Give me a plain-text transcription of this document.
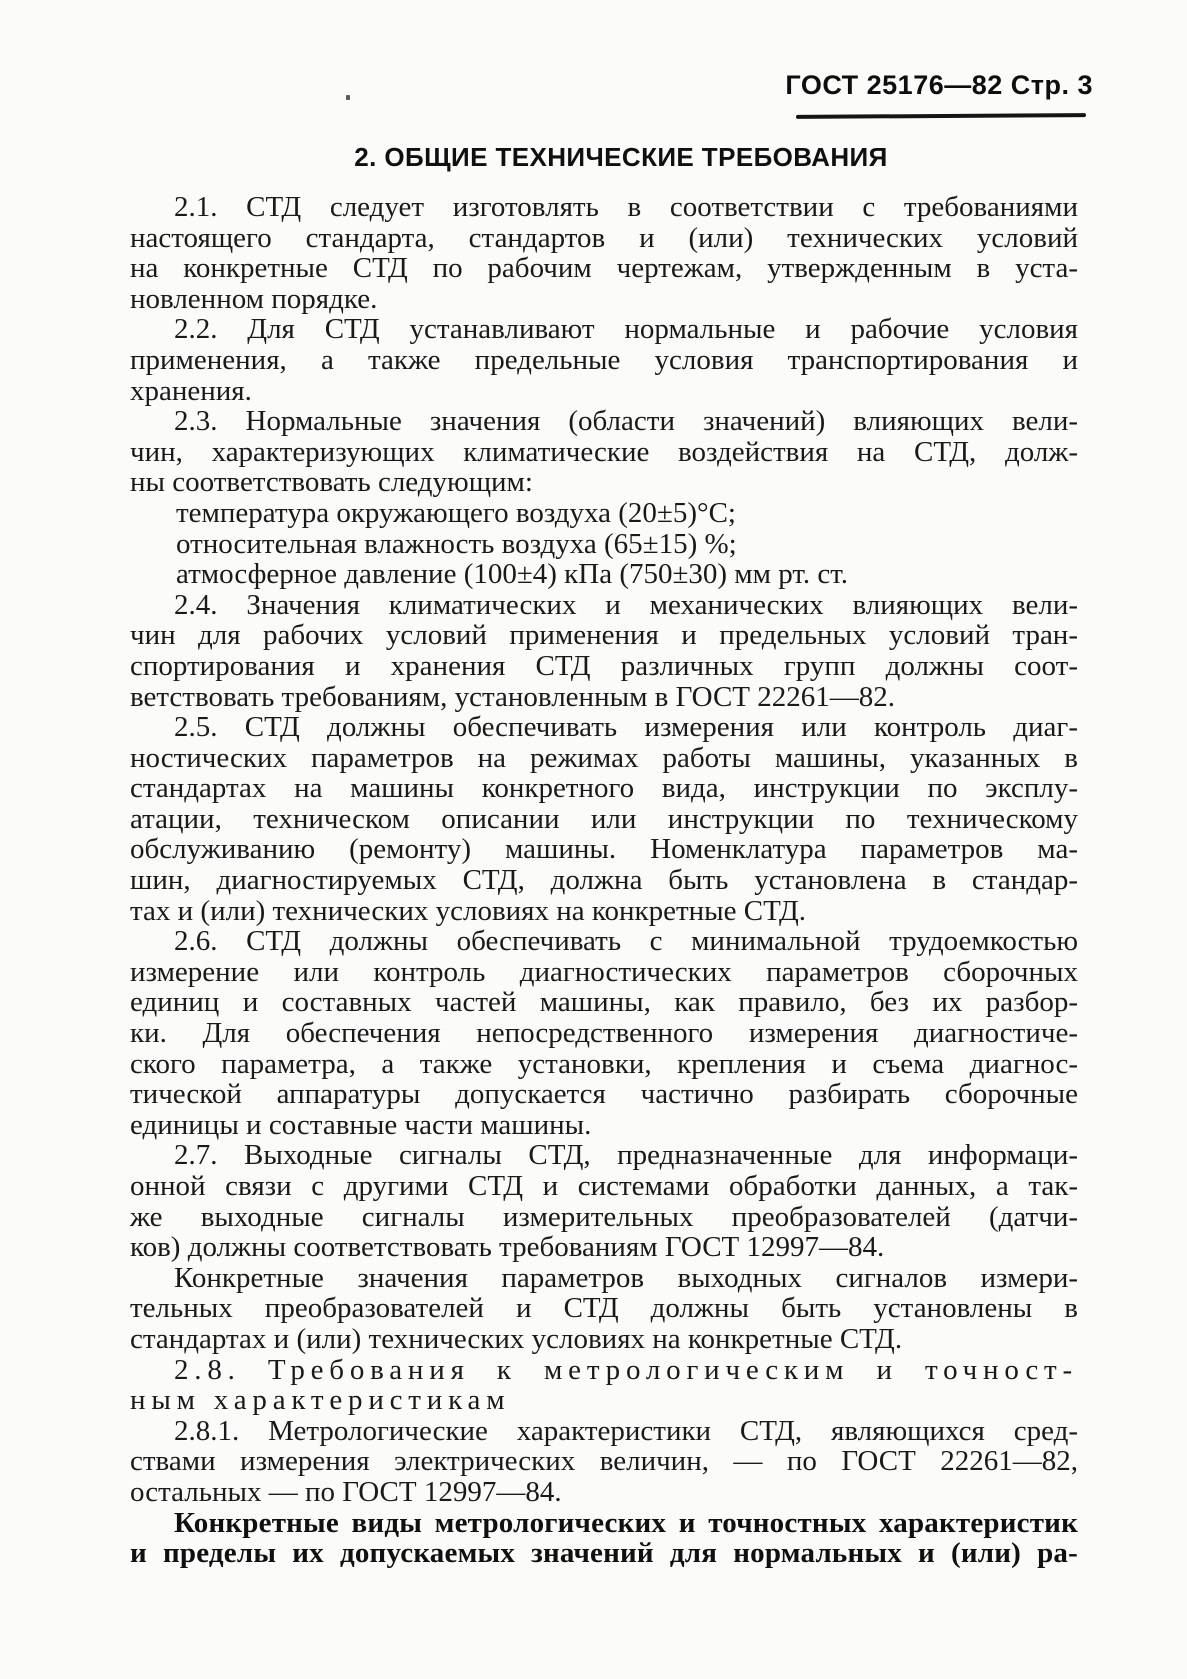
ГОСТ 25176—82 Стр. 3
2. ОБЩИЕ ТЕХНИЧЕСКИЕ ТРЕБОВАНИЯ
2.1. СТД следует изготовлять в соответствии с требованиями
настоящего стандарта, стандартов и (или) технических условий
на конкретные СТД по рабочим чертежам, утвержденным в уста-
новленном порядке.
2.2. Для СТД устанавливают нормальные и рабочие условия
применения, а также предельные условия транспортирования и
хранения.
2.3. Нормальные значения (области значений) влияющих вели-
чин, характеризующих климатические воздействия на СТД, долж-
ны соответствовать следующим:
температура окружающего воздуха (20±5)°С;
относительная влажность воздуха (65±15) %;
атмосферное давление (100±4) кПа (750±30) мм рт. ст.
2.4. Значения климатических и механических влияющих вели-
чин для рабочих условий применения и предельных условий тран-
спортирования и хранения СТД различных групп должны соот-
ветствовать требованиям, установленным в ГОСТ 22261—82.
2.5. СТД должны обеспечивать измерения или контроль диаг-
ностических параметров на режимах работы машины, указанных в
стандартах на машины конкретного вида, инструкции по эксплу-
атации, техническом описании или инструкции по техническому
обслуживанию (ремонту) машины. Номенклатура параметров ма-
шин, диагностируемых СТД, должна быть установлена в стандар-
тах и (или) технических условиях на конкретные СТД.
2.6. СТД должны обеспечивать с минимальной трудоемкостью
измерение или контроль диагностических параметров сборочных
единиц и составных частей машины, как правило, без их разбор-
ки. Для обеспечения непосредственного измерения диагностиче-
ского параметра, а также установки, крепления и съема диагнос-
тической аппаратуры допускается частично разбирать сборочные
единицы и составные части машины.
2.7. Выходные сигналы СТД, предназначенные для информаци-
онной связи с другими СТД и системами обработки данных, а так-
же выходные сигналы измерительных преобразователей (датчи-
ков) должны соответствовать требованиям ГОСТ 12997—84.
Конкретные значения параметров выходных сигналов измери-
тельных преобразователей и СТД должны быть установлены в
стандартах и (или) технических условиях на конкретные СТД.
2.8. Требования к метрологическим и точност-
ным характеристикам
2.8.1. Метрологические характеристики СТД, являющихся сред-
ствами измерения электрических величин, — по ГОСТ 22261—82,
остальных — по ГОСТ 12997—84.
Конкретные виды метрологических и точностных характеристик
и пределы их допускаемых значений для нормальных и (или) ра-
